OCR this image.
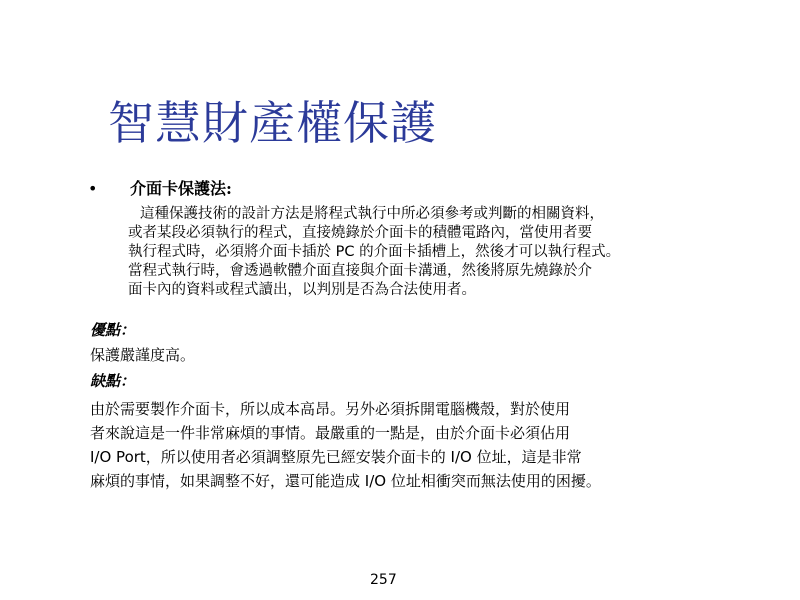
智慧財產權保護
• 介面卡保護法:
這種保護技術的設計方法是將程式執行中所必須參考或判斷的相關資料，
或者某段必須執行的程式，直接燒錄於介面卡的積體電路內，當使用者要
執行程式時，必須將介面卡插於 PC 的介面卡插槽上，然後才可以執行程式。
當程式執行時，會透過軟體介面直接與介面卡溝通，然後將原先燒錄於介
面卡內的資料或程式讀出，以判別是否為合法使用者。
優點：
保護嚴謹度高。
缺點：
由於需要製作介面卡，所以成本高昂。另外必須拆開電腦機殼，對於使用
者來說這是一件非常麻煩的事情。最嚴重的一點是，由於介面卡必須佔用
I/O Port，所以使用者必須調整原先已經安裝介面卡的 I/O 位址，這是非常
麻煩的事情，如果調整不好，還可能造成 I/O 位址相衝突而無法使用的困擾。
257
